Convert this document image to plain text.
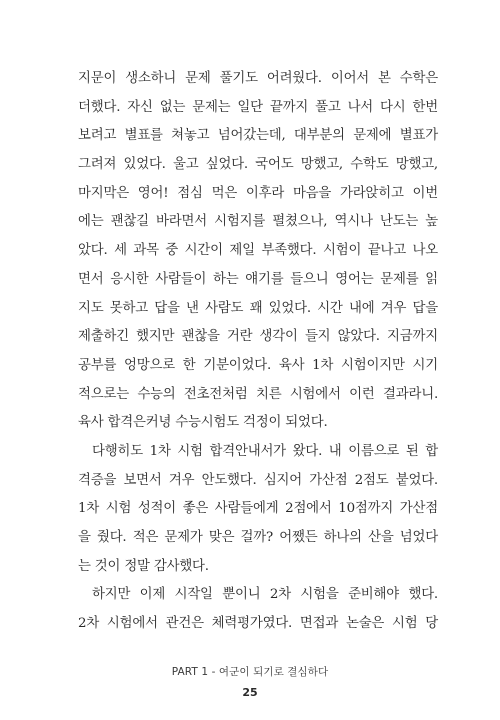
지문이 생소하니 문제 풀기도 어려웠다. 이어서 본 수학은
더했다. 자신 없는 문제는 일단 끝까지 풀고 나서 다시 한번
보려고 별표를 쳐놓고 넘어갔는데, 대부분의 문제에 별표가
그려져 있었다. 울고 싶었다. 국어도 망했고, 수학도 망했고,
마지막은 영어! 점심 먹은 이후라 마음을 가라앉히고 이번
에는 괜찮길 바라면서 시험지를 펼쳤으나, 역시나 난도는 높
았다. 세 과목 중 시간이 제일 부족했다. 시험이 끝나고 나오
면서 응시한 사람들이 하는 얘기를 들으니 영어는 문제를 읽
지도 못하고 답을 낸 사람도 꽤 있었다. 시간 내에 겨우 답을
제출하긴 했지만 괜찮을 거란 생각이 들지 않았다. 지금까지
공부를 엉망으로 한 기분이었다. 육사 1차 시험이지만 시기
적으로는 수능의 전초전처럼 치른 시험에서 이런 결과라니.
육사 합격은커녕 수능시험도 걱정이 되었다.
다행히도 1차 시험 합격안내서가 왔다. 내 이름으로 된 합
격증을 보면서 겨우 안도했다. 심지어 가산점 2점도 붙었다.
1차 시험 성적이 좋은 사람들에게 2점에서 10점까지 가산점
을 줬다. 적은 문제가 맞은 걸까? 어쨌든 하나의 산을 넘었다
는 것이 정말 감사했다.
하지만 이제 시작일 뿐이니 2차 시험을 준비해야 했다.
2차 시험에서 관건은 체력평가였다. 면접과 논술은 시험 당
PART 1 - 여군이 되기로 결심하다
25
